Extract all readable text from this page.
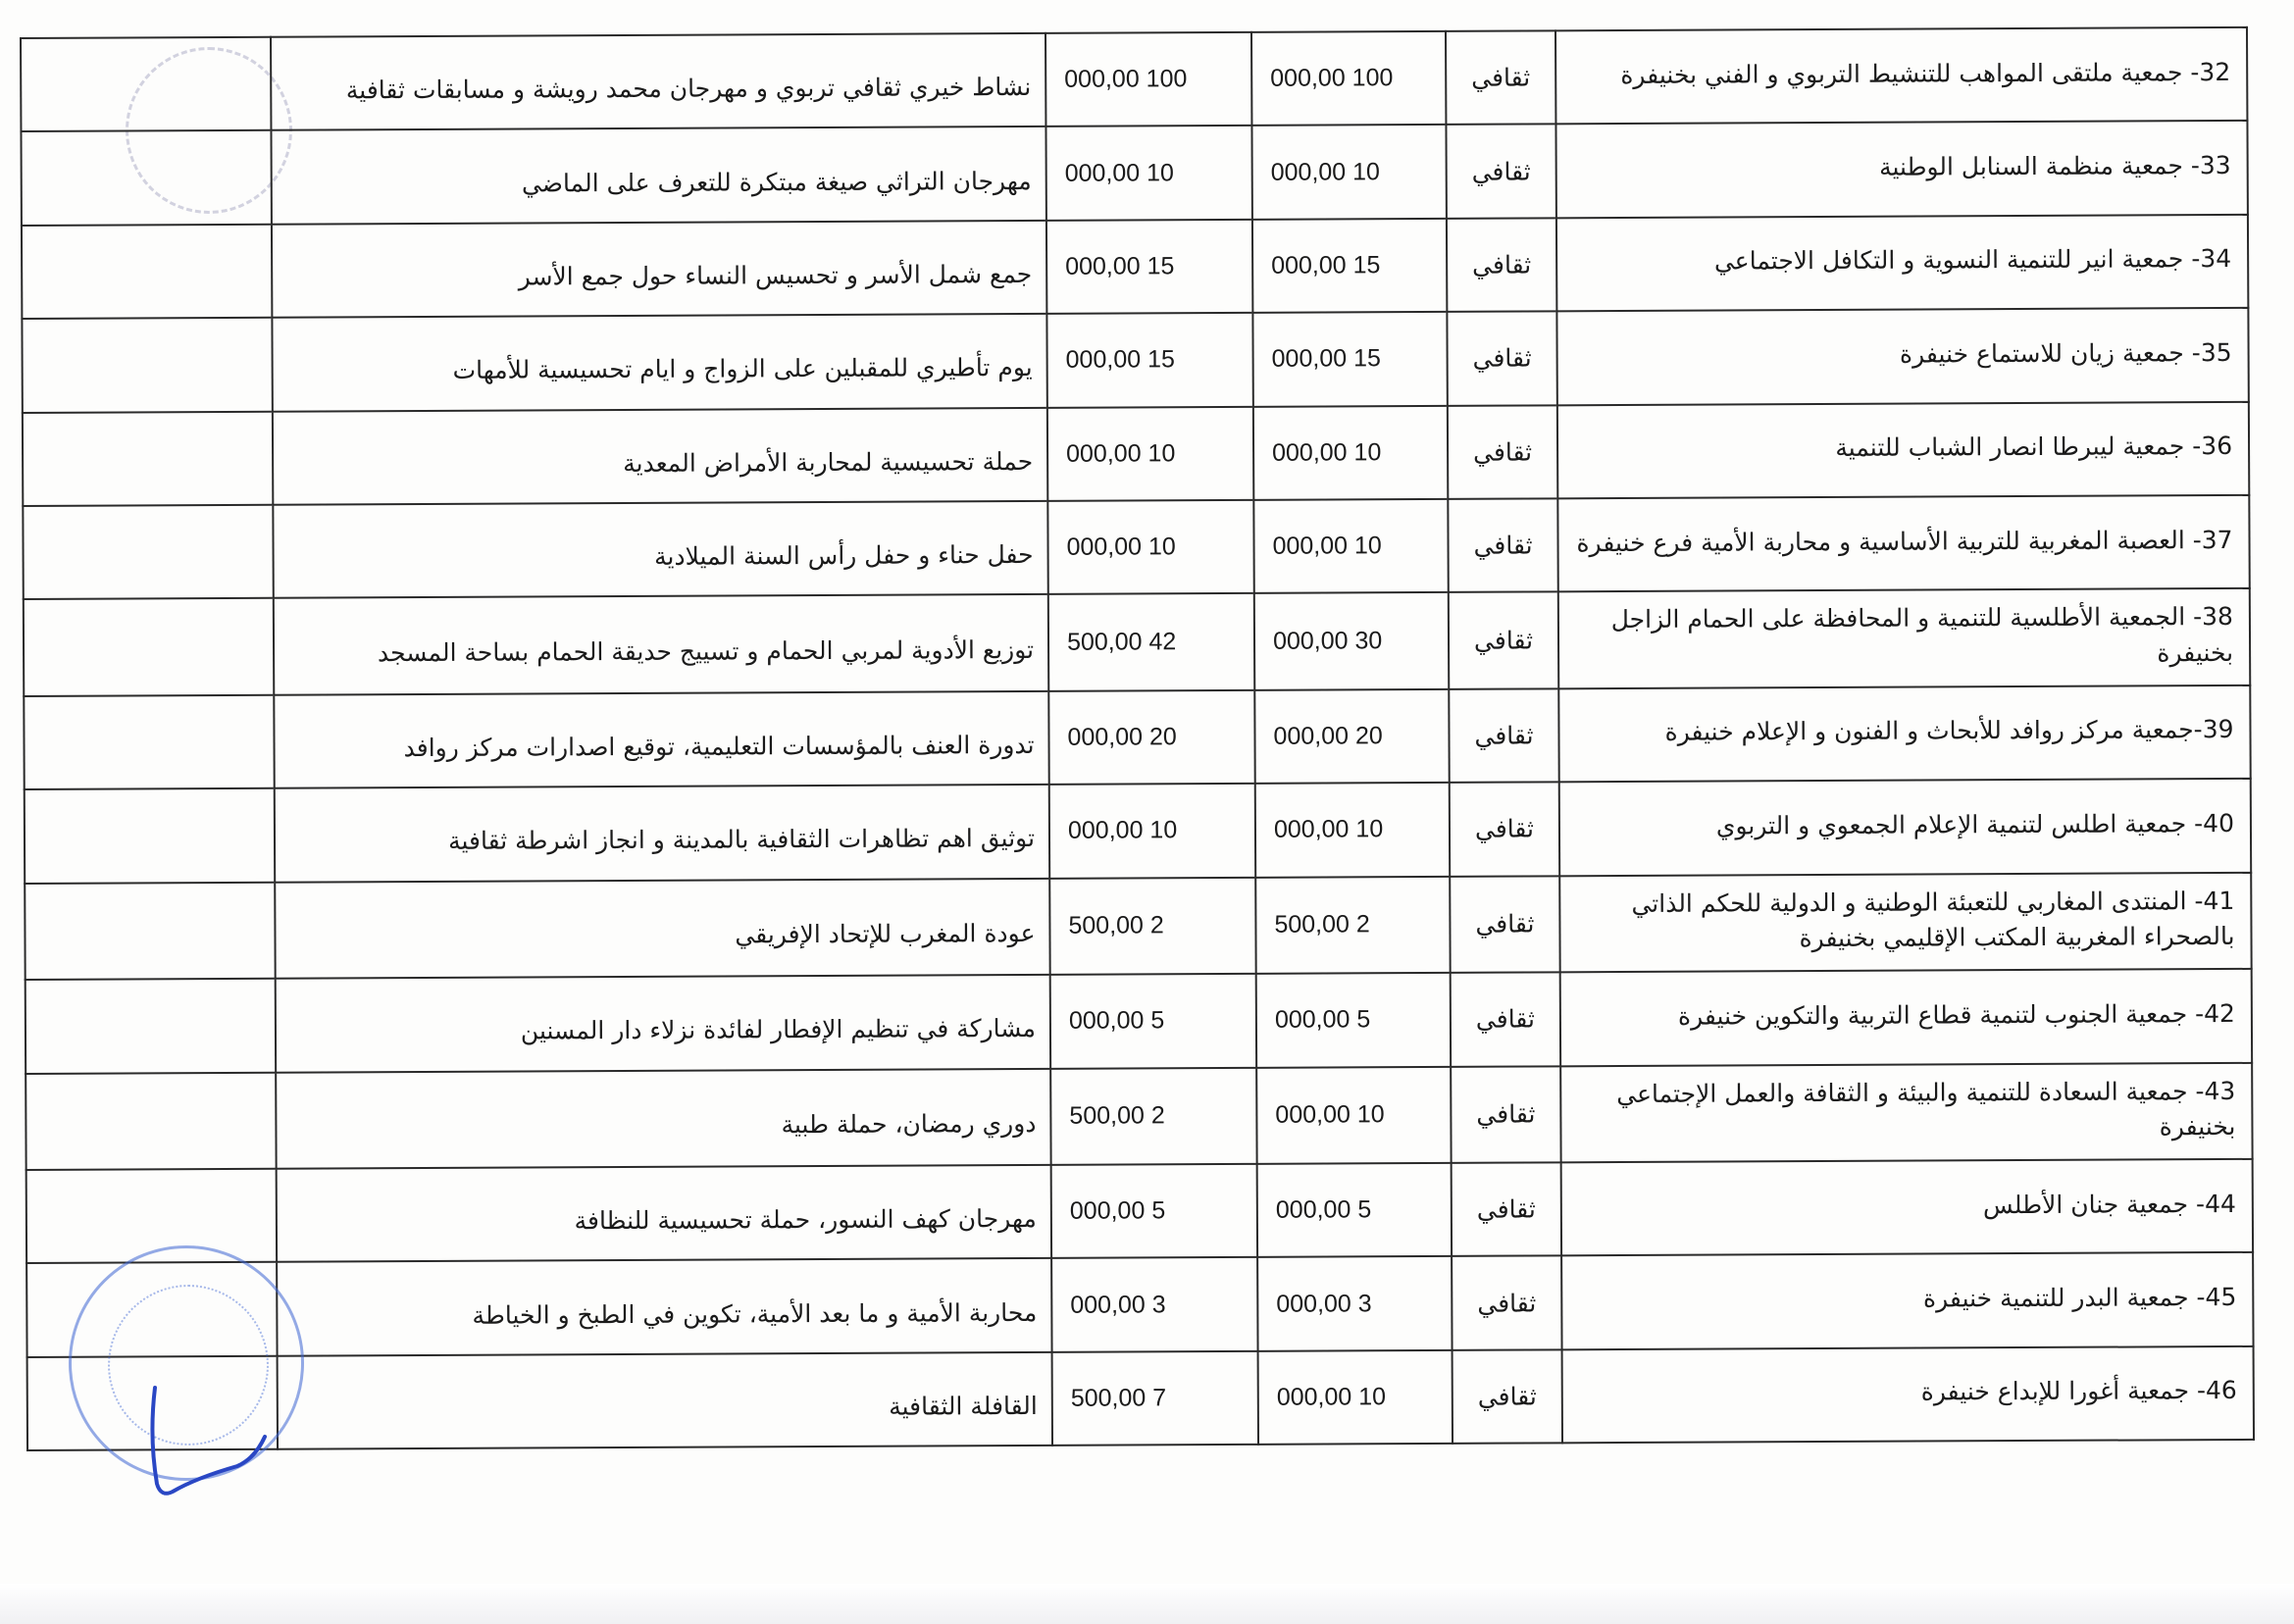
32- جمعية ملتقى المواهب للتنشيط التربوي و الفني بخنيفرة	ثقافي	100 000,00	100 000,00	نشاط خيري ثقافي تربوي و مهرجان محمد رويشة و مسابقات ثقافية	
33- جمعية منظمة السنابل الوطنية	ثقافي	10 000,00	10 000,00	مهرجان التراثي صيغة مبتكرة للتعرف على الماضي	
34- جمعية انير للتنمية النسوية و التكافل الاجتماعي	ثقافي	15 000,00	15 000,00	جمع شمل الأسر و تحسيس النساء حول جمع الأسر	
35- جمعية زيان للاستماع خنيفرة	ثقافي	15 000,00	15 000,00	يوم تأطيري للمقبلين على الزواج و ايام تحسيسية للأمهات	
36- جمعية ليبرطا انصار الشباب للتنمية	ثقافي	10 000,00	10 000,00	حملة تحسيسية لمحاربة الأمراض المعدية	
37- العصبة المغربية للتربية الأساسية و محاربة الأمية فرع خنيفرة	ثقافي	10 000,00	10 000,00	حفل حناء و حفل رأس السنة الميلادية	
38- الجمعية الأطلسية للتنمية و المحافظة على الحمام الزاجل بخنيفرة	ثقافي	30 000,00	42 500,00	توزيع الأدوية لمربي الحمام و تسييج حديقة الحمام بساحة المسجد	
39-جمعية مركز روافد للأبحاث و الفنون و الإعلام خنيفرة	ثقافي	20 000,00	20 000,00	تدورة العنف بالمؤسسات التعليمية، توقيع اصدارات مركز روافد	
40- جمعية اطلس لتنمية الإعلام الجمعوي و التربوي	ثقافي	10 000,00	10 000,00	توثيق اهم تظاهرات الثقافية بالمدينة و انجاز اشرطة ثقافية	
41- المنتدى المغاربي للتعبئة الوطنية و الدولية للحكم الذاتي بالصحراء المغربية المكتب الإقليمي بخنيفرة	ثقافي	2 500,00	2 500,00	عودة المغرب للإتحاد الإفريقي	
42- جمعية الجنوب لتنمية قطاع التربية والتكوين خنيفرة	ثقافي	5 000,00	5 000,00	مشاركة في تنظيم الإفطار لفائدة نزلاء دار المسنين	
43- جمعية السعادة للتنمية والبيئة و الثقافة والعمل الإجتماعي بخنيفرة	ثقافي	10 000,00	2 500,00	دوري رمضان، حملة طبية	
44- جمعية جنان الأطلس	ثقافي	5 000,00	5 000,00	مهرجان كهف النسور، حملة تحسيسية للنظافة	
45- جمعية البدر للتنمية خنيفرة	ثقافي	3 000,00	3 000,00	محاربة الأمية و ما بعد الأمية، تكوين في الطبخ و الخياطة	
46- جمعية أغورا للإبداع خنيفرة	ثقافي	10 000,00	7 500,00	القافلة الثقافية	
